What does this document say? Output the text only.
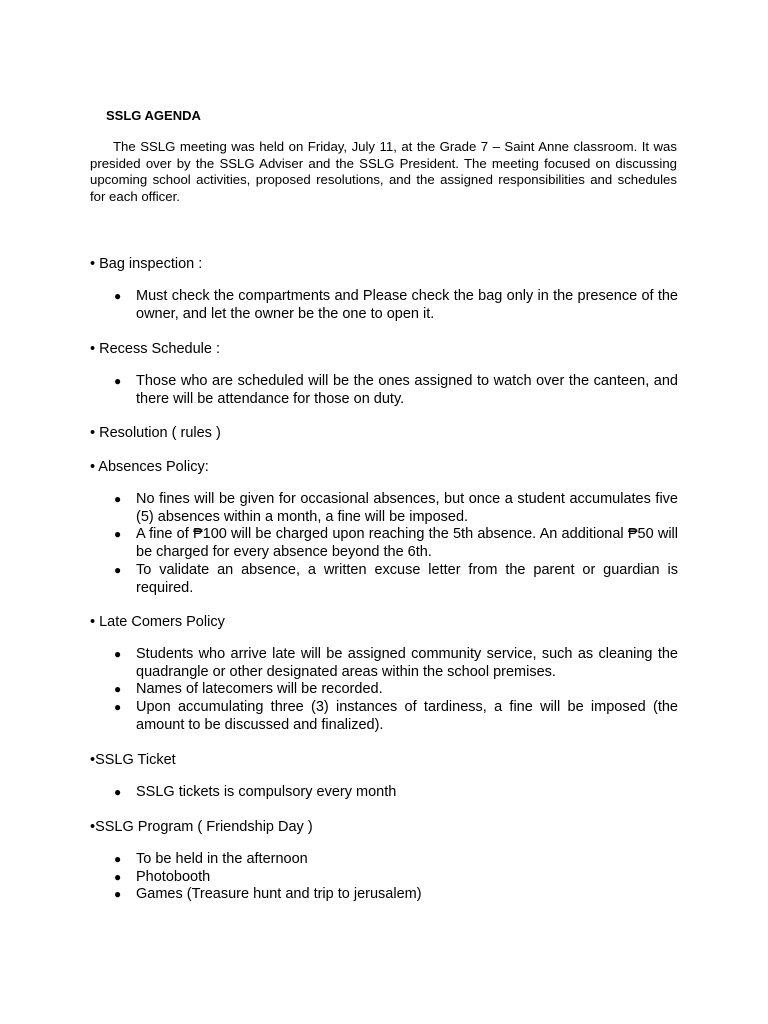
SSLG AGENDA

The SSLG meeting was held on Friday, July 11, at the Grade 7 – Saint Anne classroom. It was presided over by the SSLG Adviser and the SSLG President. The meeting focused on discussing upcoming school activities, proposed resolutions, and the assigned responsibilities and schedules for each officer.

• Bag inspection :

● Must check the compartments and Please check the bag only in the presence of the owner, and let the owner be the one to open it.

• Recess Schedule :

● Those who are scheduled will be the ones assigned to watch over the canteen, and there will be attendance for those on duty.

• Resolution ( rules )

• Absences Policy:

● No fines will be given for occasional absences, but once a student accumulates five (5) absences within a month, a fine will be imposed.
● A fine of ₱100 will be charged upon reaching the 5th absence. An additional ₱50 will be charged for every absence beyond the 6th.
● To validate an absence, a written excuse letter from the parent or guardian is required.

• Late Comers Policy

● Students who arrive late will be assigned community service, such as cleaning the quadrangle or other designated areas within the school premises.
● Names of latecomers will be recorded.
● Upon accumulating three (3) instances of tardiness, a fine will be imposed (the amount to be discussed and finalized).

•SSLG Ticket

● SSLG tickets is compulsory every month

•SSLG Program ( Friendship Day )

● To be held in the afternoon
● Photobooth
● Games (Treasure hunt and trip to jerusalem)
